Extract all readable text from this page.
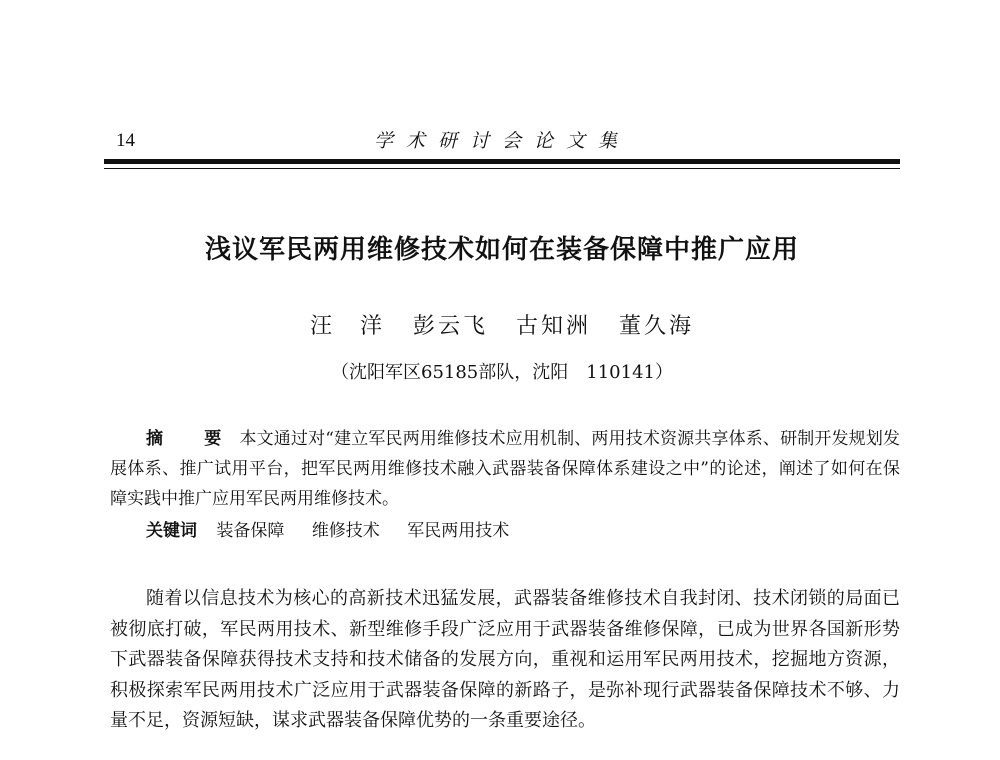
14	学术研讨会论文集
浅议军民两用维修技术如何在装备保障中推广应用
汪　洋 彭云飞 古知洲 董久海
（沈阳军区65185部队，沈阳　110141）

摘　要 本文通过对“建立军民两用维修技术应用机制、两用技术资源共享体系、研制开发规划发展体系、推广试用平台，把军民两用维修技术融入武器装备保障体系建设之中”的论述，阐述了如何在保障实践中推广应用军民两用维修技术。

关键词 装备保障 维修技术 军民两用技术

随着以信息技术为核心的高新技术迅猛发展，武器装备维修技术自我封闭、技术闭锁的局面已被彻底打破，军民两用技术、新型维修手段广泛应用于武器装备维修保障，已成为世界各国新形势下武器装备保障获得技术支持和技术储备的发展方向，重视和运用军民两用技术，挖掘地方资源，积极探索军民两用技术广泛应用于武器装备保障的新路子，是弥补现行武器装备保障技术不够、力量不足，资源短缺，谋求武器装备保障优势的一条重要途径。
